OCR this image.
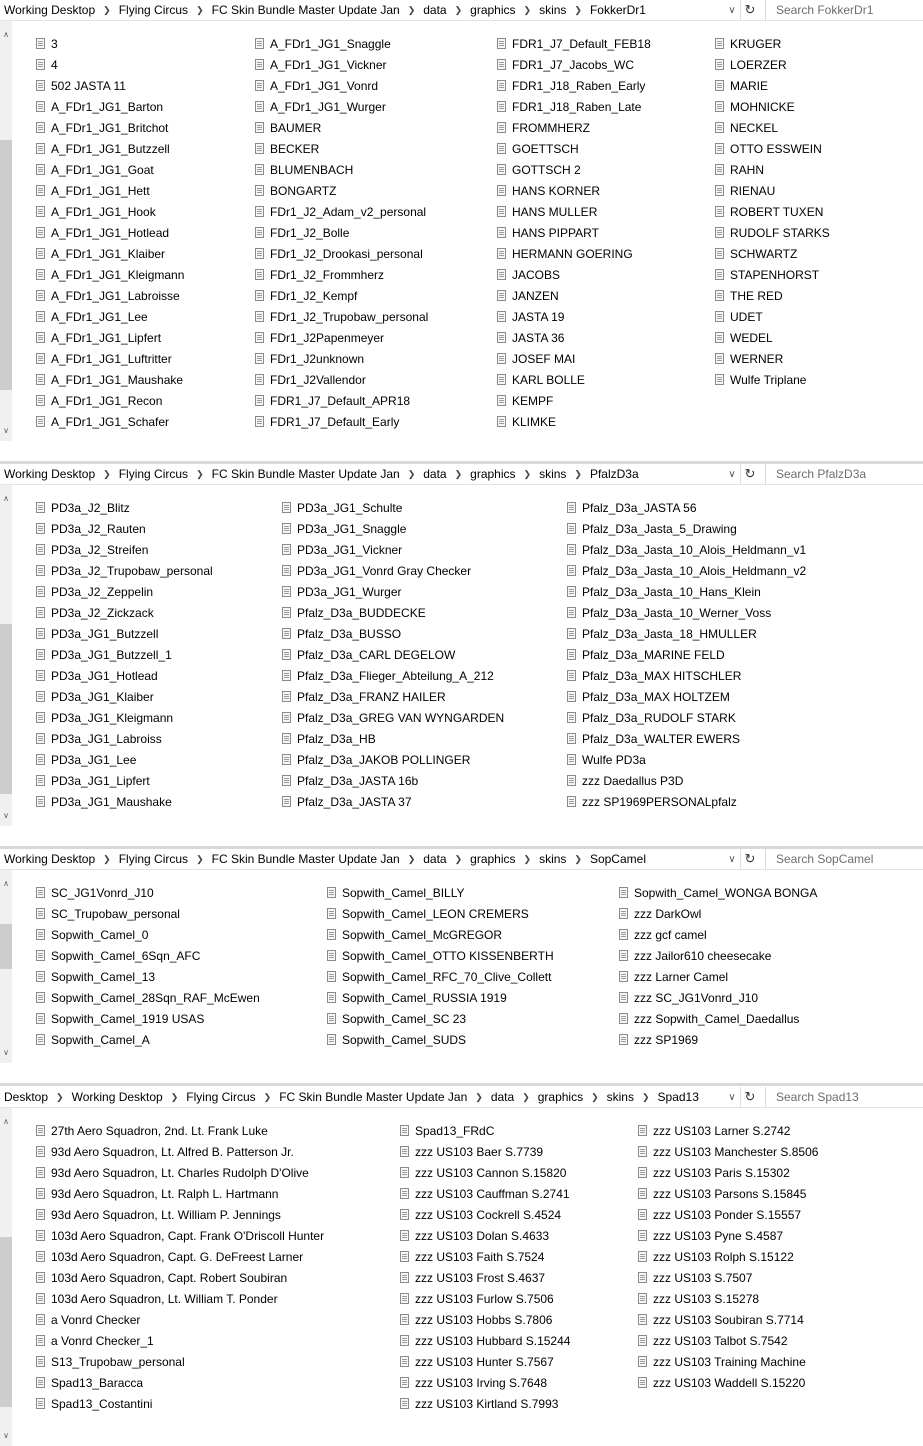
Working Desktop ❯ Flying Circus ❯ FC Skin Bundle Master Update Jan ❯ data ❯ graphics ❯ skins ❯ FokkerDr1	∨ ↻	Search FokkerDr1
∧
∨
3
4
502 JASTA 11
A_FDr1_JG1_Barton
A_FDr1_JG1_Britchot
A_FDr1_JG1_Butzzell
A_FDr1_JG1_Goat
A_FDr1_JG1_Hett
A_FDr1_JG1_Hook
A_FDr1_JG1_Hotlead
A_FDr1_JG1_Klaiber
A_FDr1_JG1_Kleigmann
A_FDr1_JG1_Labroisse
A_FDr1_JG1_Lee
A_FDr1_JG1_Lipfert
A_FDr1_JG1_Luftritter
A_FDr1_JG1_Maushake
A_FDr1_JG1_Recon
A_FDr1_JG1_Schafer
A_FDr1_JG1_Snaggle
A_FDr1_JG1_Vickner
A_FDr1_JG1_Vonrd
A_FDr1_JG1_Wurger
BAUMER
BECKER
BLUMENBACH
BONGARTZ
FDr1_J2_Adam_v2_personal
FDr1_J2_Bolle
FDr1_J2_Drookasi_personal
FDr1_J2_Frommherz
FDr1_J2_Kempf
FDr1_J2_Trupobaw_personal
FDr1_J2Papenmeyer
FDr1_J2unknown
FDr1_J2Vallendor
FDR1_J7_Default_APR18
FDR1_J7_Default_Early
FDR1_J7_Default_FEB18
FDR1_J7_Jacobs_WC
FDR1_J18_Raben_Early
FDR1_J18_Raben_Late
FROMMHERZ
GOETTSCH
GOTTSCH 2
HANS KORNER
HANS MULLER
HANS PIPPART
HERMANN GOERING
JACOBS
JANZEN
JASTA 19
JASTA 36
JOSEF MAI
KARL BOLLE
KEMPF
KLIMKE
KRUGER
LOERZER
MARIE
MOHNICKE
NECKEL
OTTO ESSWEIN
RAHN
RIENAU
ROBERT TUXEN
RUDOLF STARKS
SCHWARTZ
STAPENHORST
THE RED
UDET
WEDEL
WERNER
Wulfe Triplane
Working Desktop ❯ Flying Circus ❯ FC Skin Bundle Master Update Jan ❯ data ❯ graphics ❯ skins ❯ PfalzD3a	∨ ↻	Search PfalzD3a
∧
∨
PD3a_J2_Blitz
PD3a_J2_Rauten
PD3a_J2_Streifen
PD3a_J2_Trupobaw_personal
PD3a_J2_Zeppelin
PD3a_J2_Zickzack
PD3a_JG1_Butzzell
PD3a_JG1_Butzzell_1
PD3a_JG1_Hotlead
PD3a_JG1_Klaiber
PD3a_JG1_Kleigmann
PD3a_JG1_Labroiss
PD3a_JG1_Lee
PD3a_JG1_Lipfert
PD3a_JG1_Maushake
PD3a_JG1_Schulte
PD3a_JG1_Snaggle
PD3a_JG1_Vickner
PD3a_JG1_Vonrd Gray Checker
PD3a_JG1_Wurger
Pfalz_D3a_BUDDECKE
Pfalz_D3a_BUSSO
Pfalz_D3a_CARL DEGELOW
Pfalz_D3a_Flieger_Abteilung_A_212
Pfalz_D3a_FRANZ HAILER
Pfalz_D3a_GREG VAN WYNGARDEN
Pfalz_D3a_HB
Pfalz_D3a_JAKOB POLLINGER
Pfalz_D3a_JASTA 16b
Pfalz_D3a_JASTA 37
Pfalz_D3a_JASTA 56
Pfalz_D3a_Jasta_5_Drawing
Pfalz_D3a_Jasta_10_Alois_Heldmann_v1
Pfalz_D3a_Jasta_10_Alois_Heldmann_v2
Pfalz_D3a_Jasta_10_Hans_Klein
Pfalz_D3a_Jasta_10_Werner_Voss
Pfalz_D3a_Jasta_18_HMULLER
Pfalz_D3a_MARINE FELD
Pfalz_D3a_MAX HITSCHLER
Pfalz_D3a_MAX HOLTZEM
Pfalz_D3a_RUDOLF STARK
Pfalz_D3a_WALTER EWERS
Wulfe PD3a
zzz Daedallus P3D
zzz SP1969PERSONALpfalz
Working Desktop ❯ Flying Circus ❯ FC Skin Bundle Master Update Jan ❯ data ❯ graphics ❯ skins ❯ SopCamel	∨ ↻	Search SopCamel
∧
∨
SC_JG1Vonrd_J10
SC_Trupobaw_personal
Sopwith_Camel_0
Sopwith_Camel_6Sqn_AFC
Sopwith_Camel_13
Sopwith_Camel_28Sqn_RAF_McEwen
Sopwith_Camel_1919 USAS
Sopwith_Camel_A
Sopwith_Camel_BILLY
Sopwith_Camel_LEON CREMERS
Sopwith_Camel_McGREGOR
Sopwith_Camel_OTTO KISSENBERTH
Sopwith_Camel_RFC_70_Clive_Collett
Sopwith_Camel_RUSSIA 1919
Sopwith_Camel_SC 23
Sopwith_Camel_SUDS
Sopwith_Camel_WONGA BONGA
zzz DarkOwl
zzz gcf camel
zzz Jailor610 cheesecake
zzz Larner Camel
zzz SC_JG1Vonrd_J10
zzz Sopwith_Camel_Daedallus
zzz SP1969
Desktop ❯ Working Desktop ❯ Flying Circus ❯ FC Skin Bundle Master Update Jan ❯ data ❯ graphics ❯ skins ❯ Spad13	∨ ↻	Search Spad13
∧
∨
27th Aero Squadron, 2nd. Lt. Frank Luke
93d Aero Squadron, Lt. Alfred B. Patterson Jr.
93d Aero Squadron, Lt. Charles Rudolph D'Olive
93d Aero Squadron, Lt. Ralph L. Hartmann
93d Aero Squadron, Lt. William P. Jennings
103d Aero Squadron, Capt. Frank O'Driscoll Hunter
103d Aero Squadron, Capt. G. DeFreest Larner
103d Aero Squadron, Capt. Robert Soubiran
103d Aero Squadron, Lt. William T. Ponder
a Vonrd Checker
a Vonrd Checker_1
S13_Trupobaw_personal
Spad13_Baracca
Spad13_Costantini
Spad13_FRdC
zzz US103 Baer S.7739
zzz US103 Cannon S.15820
zzz US103 Cauffman S.2741
zzz US103 Cockrell S.4524
zzz US103 Dolan S.4633
zzz US103 Faith S.7524
zzz US103 Frost S.4637
zzz US103 Furlow S.7506
zzz US103 Hobbs S.7806
zzz US103 Hubbard S.15244
zzz US103 Hunter S.7567
zzz US103 Irving S.7648
zzz US103 Kirtland S.7993
zzz US103 Larner S.2742
zzz US103 Manchester S.8506
zzz US103 Paris S.15302
zzz US103 Parsons S.15845
zzz US103 Ponder S.15557
zzz US103 Pyne S.4587
zzz US103 Rolph S.15122
zzz US103 S.7507
zzz US103 S.15278
zzz US103 Soubiran S.7714
zzz US103 Talbot S.7542
zzz US103 Training Machine
zzz US103 Waddell S.15220
